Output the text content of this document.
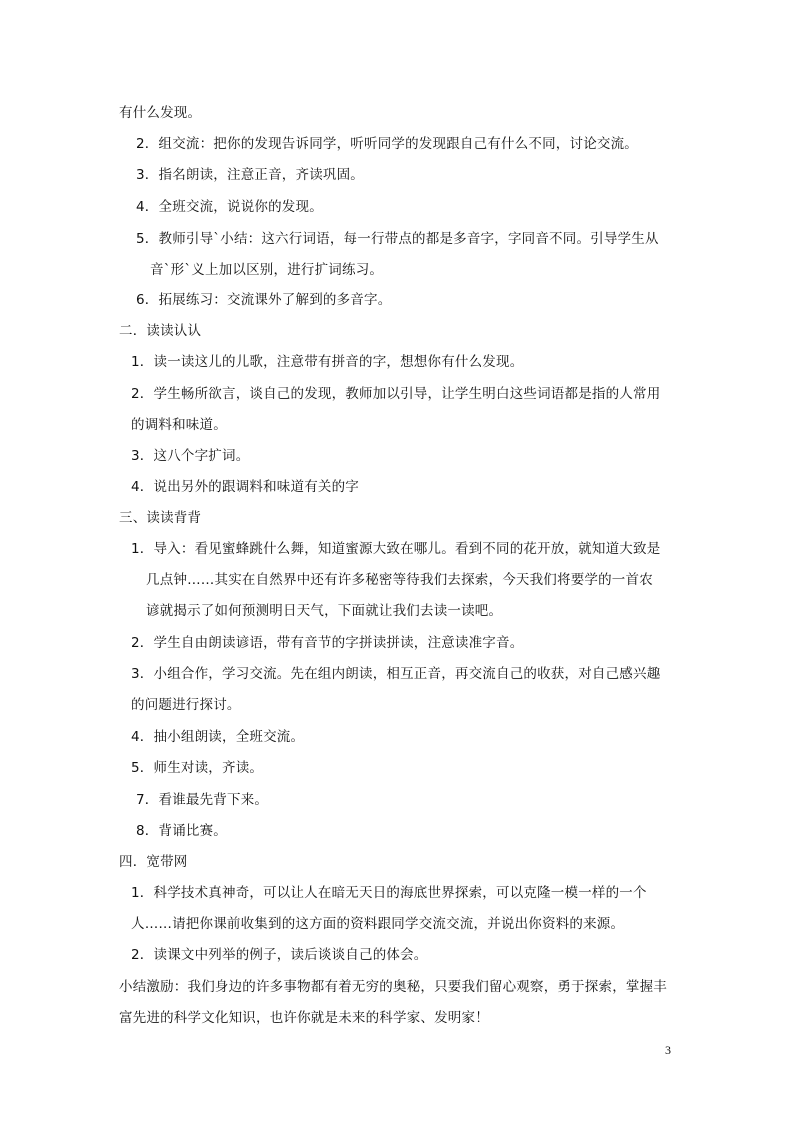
有什么发现。
2．组交流：把你的发现告诉同学，听听同学的发现跟自己有什么不同，讨论交流。
3．指名朗读，注意正音，齐读巩固。
4．全班交流，说说你的发现。
5．教师引导`小结：这六行词语，每一行带点的都是多音字，字同音不同。引导学生从
音`形`义上加以区别，进行扩词练习。
6．拓展练习：交流课外了解到的多音字。
二．读读认认
1．读一读这儿的儿歌，注意带有拼音的字，想想你有什么发现。
2．学生畅所欲言，谈自己的发现，教师加以引导，让学生明白这些词语都是指的人常用
的调料和味道。
3．这八个字扩词。
4．说出另外的跟调料和味道有关的字
三、读读背背
1．导入：看见蜜蜂跳什么舞，知道蜜源大致在哪儿。看到不同的花开放，就知道大致是
几点钟……其实在自然界中还有许多秘密等待我们去探索，今天我们将要学的一首农
谚就揭示了如何预测明日天气，下面就让我们去读一读吧。
2．学生自由朗读谚语，带有音节的字拼读拼读，注意读准字音。
3．小组合作，学习交流。先在组内朗读，相互正音，再交流自己的收获，对自己感兴趣
的问题进行探讨。
4．抽小组朗读，全班交流。
5．师生对读，齐读。
7．看谁最先背下来。
8．背诵比赛。
四．宽带网
1．科学技术真神奇，可以让人在暗无天日的海底世界探索，可以克隆一模一样的一个
人……请把你课前收集到的这方面的资料跟同学交流交流，并说出你资料的来源。
2．读课文中列举的例子，读后谈谈自己的体会。
小结激励：我们身边的许多事物都有着无穷的奥秘，只要我们留心观察，勇于探索，掌握丰
富先进的科学文化知识，也许你就是未来的科学家、发明家！
3
